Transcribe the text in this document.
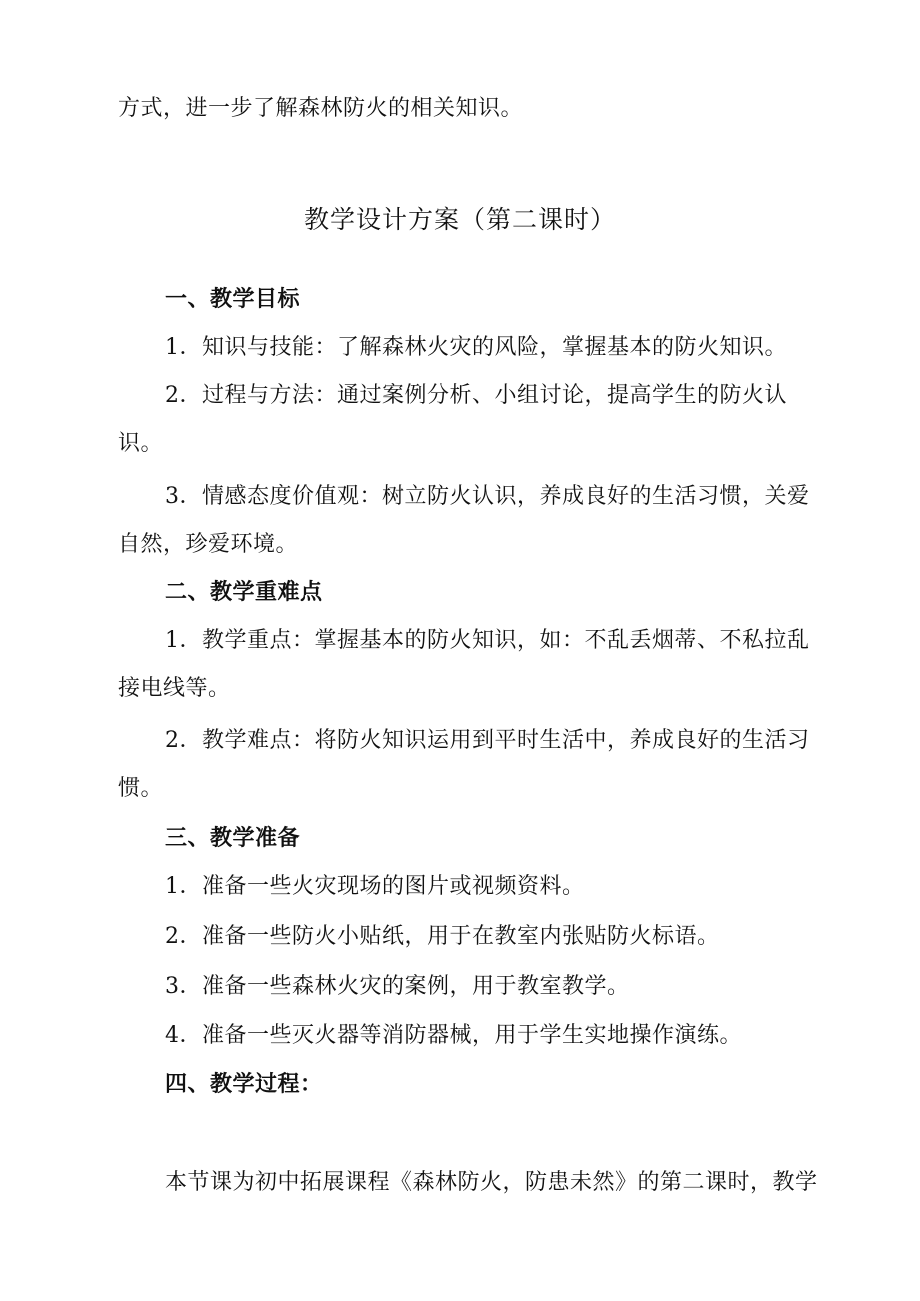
方式，进一步了解森林防火的相关知识。
教学设计方案（第二课时）
一、教学目标
1．知识与技能：了解森林火灾的风险，掌握基本的防火知识。
2．过程与方法：通过案例分析、小组讨论，提高学生的防火认
识。
3．情感态度价值观：树立防火认识，养成良好的生活习惯，关爱
自然，珍爱环境。
二、教学重难点
1．教学重点：掌握基本的防火知识，如：不乱丢烟蒂、不私拉乱
接电线等。
2．教学难点：将防火知识运用到平时生活中，养成良好的生活习
惯。
三、教学准备
1．准备一些火灾现场的图片或视频资料。
2．准备一些防火小贴纸，用于在教室内张贴防火标语。
3．准备一些森林火灾的案例，用于教室教学。
4．准备一些灭火器等消防器械，用于学生实地操作演练。
四、教学过程：
本节课为初中拓展课程《森林防火，防患未然》的第二课时，教学
